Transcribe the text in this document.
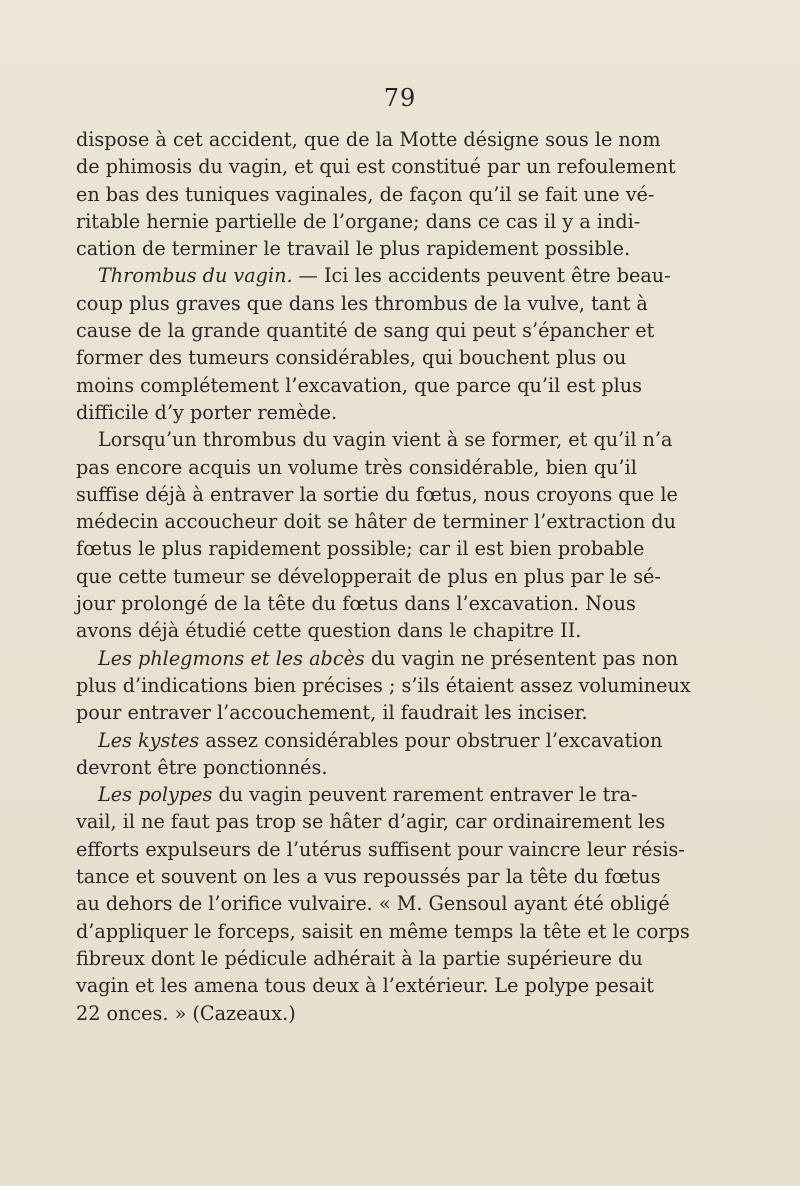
79
dispose à cet accident, que de la Motte désigne sous le nom
de phimosis du vagin, et qui est constitué par un refoulement
en bas des tuniques vaginales, de façon qu’il se fait une vé-
ritable hernie partielle de l’organe; dans ce cas il y a indi-
cation de terminer le travail le plus rapidement possible.
Thrombus du vagin. — Ici les accidents peuvent être beau-
coup plus graves que dans les thrombus de la vulve, tant à
cause de la grande quantité de sang qui peut s’épancher et
former des tumeurs considérables, qui bouchent plus ou
moins complétement l’excavation, que parce qu’il est plus
difficile d’y porter remède.
Lorsqu’un thrombus du vagin vient à se former, et qu’il n’a
pas encore acquis un volume très considérable, bien qu’il
suffise déjà à entraver la sortie du fœtus, nous croyons que le
médecin accoucheur doit se hâter de terminer l’extraction du
fœtus le plus rapidement possible; car il est bien probable
que cette tumeur se développerait de plus en plus par le sé-
jour prolongé de la tête du fœtus dans l’excavation. Nous
avons déjà étudié cette question dans le chapitre II.
Les phlegmons et les abcès du vagin ne présentent pas non
plus d’indications bien précises ; s’ils étaient assez volumineux
pour entraver l’accouchement, il faudrait les inciser.
Les kystes assez considérables pour obstruer l’excavation
devront être ponctionnés.
Les polypes du vagin peuvent rarement entraver le tra-
vail, il ne faut pas trop se hâter d’agir, car ordinairement les
efforts expulseurs de l’utérus suffisent pour vaincre leur résis-
tance et souvent on les a vus repoussés par la tête du fœtus
au dehors de l’orifice vulvaire. « M. Gensoul ayant été obligé
d’appliquer le forceps, saisit en même temps la tête et le corps
fibreux dont le pédicule adhérait à la partie supérieure du
vagin et les amena tous deux à l’extérieur. Le polype pesait
22 onces. » (Cazeaux.)
